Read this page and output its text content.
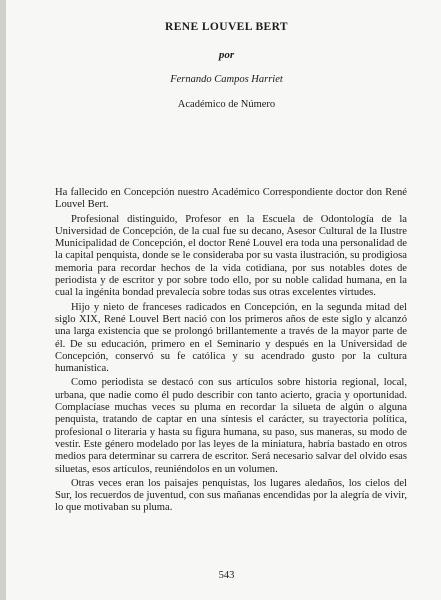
RENE LOUVEL BERT
por
Fernando Campos Harriet
Académico de Número

Ha fallecido en Concepción nuestro Académico Correspondiente doctor don René Louvel Bert.

Profesional distinguido, Profesor en la Escuela de Odontología de la Universidad de Concepción, de la cual fue su decano, Asesor Cultural de la Ilustre Municipalidad de Concepción, el doctor René Louvel era toda una personalidad de la capital penquista, donde se le consideraba por su vasta ilustración, su prodigiosa memoria para recordar hechos de la vida cotidiana, por sus notables dotes de periodista y de escritor y por sobre todo ello, por su noble calidad humana, en la cual la ingénita bondad prevalecía sobre todas sus otras excelentes virtudes.

Hijo y nieto de franceses radicados en Concepción, en la segunda mitad del siglo XIX, René Louvel Bert nació con los primeros años de este siglo y alcanzó una larga existencia que se prolongó brillantemente a través de la mayor parte de él. De su educación, primero en el Seminario y después en la Universidad de Concepción, conservó su fe católica y su acendrado gusto por la cultura humanística.

Como periodista se destacó con sus artículos sobre historia regional, local, urbana, que nadie como él pudo describir con tanto acierto, gracia y oportunidad. Complacíase muchas veces su pluma en recordar la silueta de algún o alguna penquista, tratando de captar en una síntesis el carácter, su trayectoria política, profesional o literaria y hasta su figura humana, su paso, sus maneras, su modo de vestir. Este género modelado por las leyes de la miniatura, habría bastado en otros medios para determinar su carrera de escritor. Será necesario salvar del olvido esas siluetas, esos artículos, reuniéndolos en un volumen.

Otras veces eran los paisajes penquistas, los lugares aledaños, los cielos del Sur, los recuerdos de juventud, con sus mañanas encendidas por la alegría de vivir, lo que motivaban su pluma.

543
